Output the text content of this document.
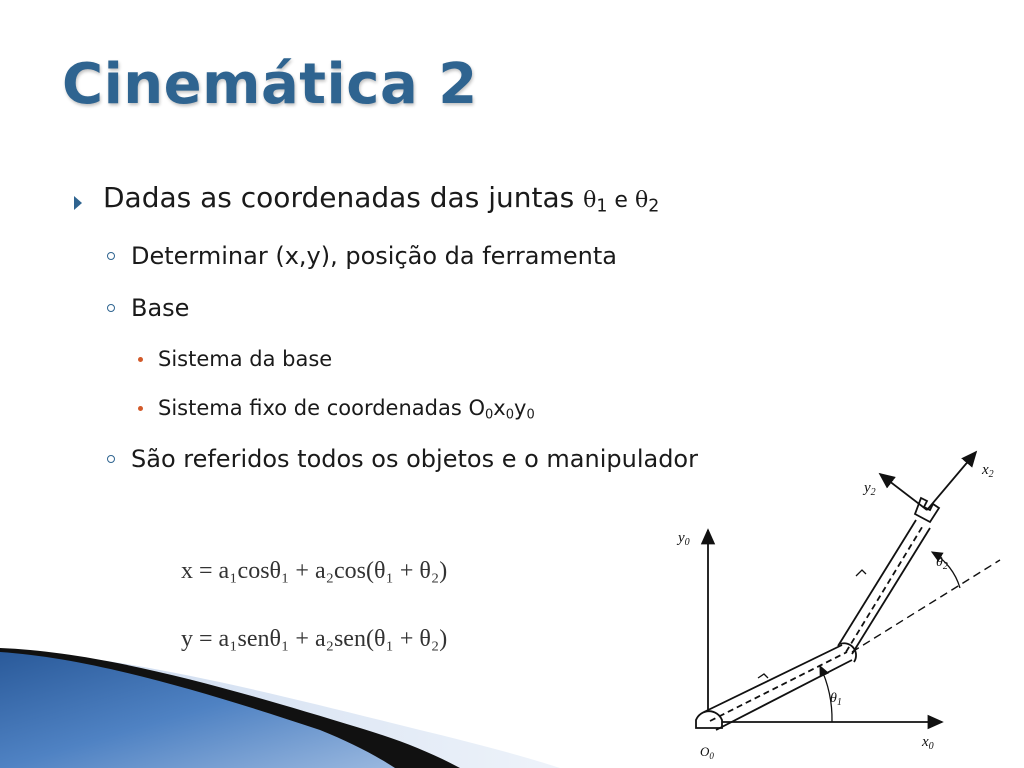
Cinemática 2
Dadas as coordenadas das juntas $\theta_1$ e $\theta_2$
Determinar (x,y), posição da ferramenta
Base
Sistema da base
Sistema fixo de coordenadas $O_0x_0y_0$
São referidos todos os objetos e o manipulador
x = a₁cosθ₁ + a₂cos(θ₁ + θ₂)
y = a₁senθ₁ + a₂sen(θ₁ + θ₂)
$y_0$
$x_0$
$y_2$
$x_2$
$\theta_1$
$\theta_2$
$O_0$
